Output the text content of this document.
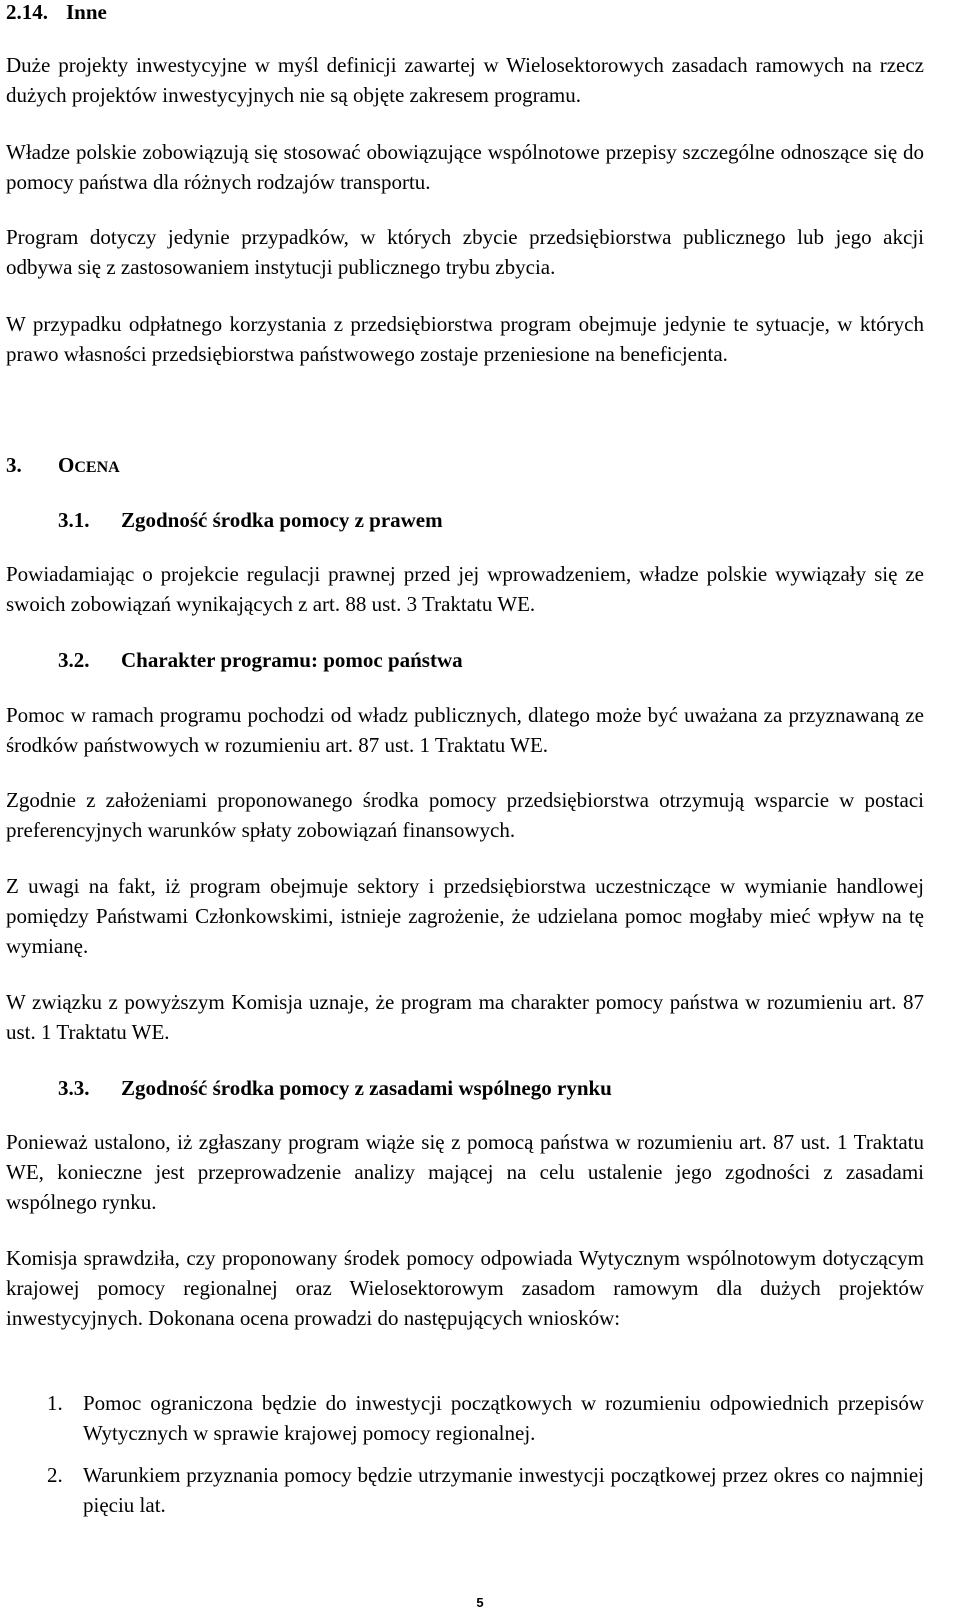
2.14. Inne

Duże projekty inwestycyjne w myśl definicji zawartej w Wielosektorowych zasadach ramowych na rzecz dużych projektów inwestycyjnych nie są objęte zakresem programu.

Władze polskie zobowiązują się stosować obowiązujące wspólnotowe przepisy szczególne odnoszące się do pomocy państwa dla różnych rodzajów transportu.

Program dotyczy jedynie przypadków, w których zbycie przedsiębiorstwa publicznego lub jego akcji odbywa się z zastosowaniem instytucji publicznego trybu zbycia.

W przypadku odpłatnego korzystania z przedsiębiorstwa program obejmuje jedynie te sytuacje, w których prawo własności przedsiębiorstwa państwowego zostaje przeniesione na beneficjenta.

3. OCENA
3.1. Zgodność środka pomocy z prawem

Powiadamiając o projekcie regulacji prawnej przed jej wprowadzeniem, władze polskie wywiązały się ze swoich zobowiązań wynikających z art. 88 ust. 3 Traktatu WE.

3.2. Charakter programu: pomoc państwa

Pomoc w ramach programu pochodzi od władz publicznych, dlatego może być uważana za przyznawaną ze środków państwowych w rozumieniu art. 87 ust. 1 Traktatu WE.

Zgodnie z założeniami proponowanego środka pomocy przedsiębiorstwa otrzymują wsparcie w postaci preferencyjnych warunków spłaty zobowiązań finansowych.

Z uwagi na fakt, iż program obejmuje sektory i przedsiębiorstwa uczestniczące w wymianie handlowej pomiędzy Państwami Członkowskimi, istnieje zagrożenie, że udzielana pomoc mogłaby mieć wpływ na tę wymianę.

W związku z powyższym Komisja uznaje, że program ma charakter pomocy państwa w rozumieniu art. 87 ust. 1 Traktatu WE.

3.3. Zgodność środka pomocy z zasadami wspólnego rynku

Ponieważ ustalono, iż zgłaszany program wiąże się z pomocą państwa w rozumieniu art. 87 ust. 1 Traktatu WE, konieczne jest przeprowadzenie analizy mającej na celu ustalenie jego zgodności z zasadami wspólnego rynku.

Komisja sprawdziła, czy proponowany środek pomocy odpowiada Wytycznym wspólnotowym dotyczącym krajowej pomocy regionalnej oraz Wielosektorowym zasadom ramowym dla dużych projektów inwestycyjnych. Dokonana ocena prowadzi do następujących wniosków:

1. Pomoc ograniczona będzie do inwestycji początkowych w rozumieniu odpowiednich przepisów Wytycznych w sprawie krajowej pomocy regionalnej.
2. Warunkiem przyznania pomocy będzie utrzymanie inwestycji początkowej przez okres co najmniej pięciu lat.
5
